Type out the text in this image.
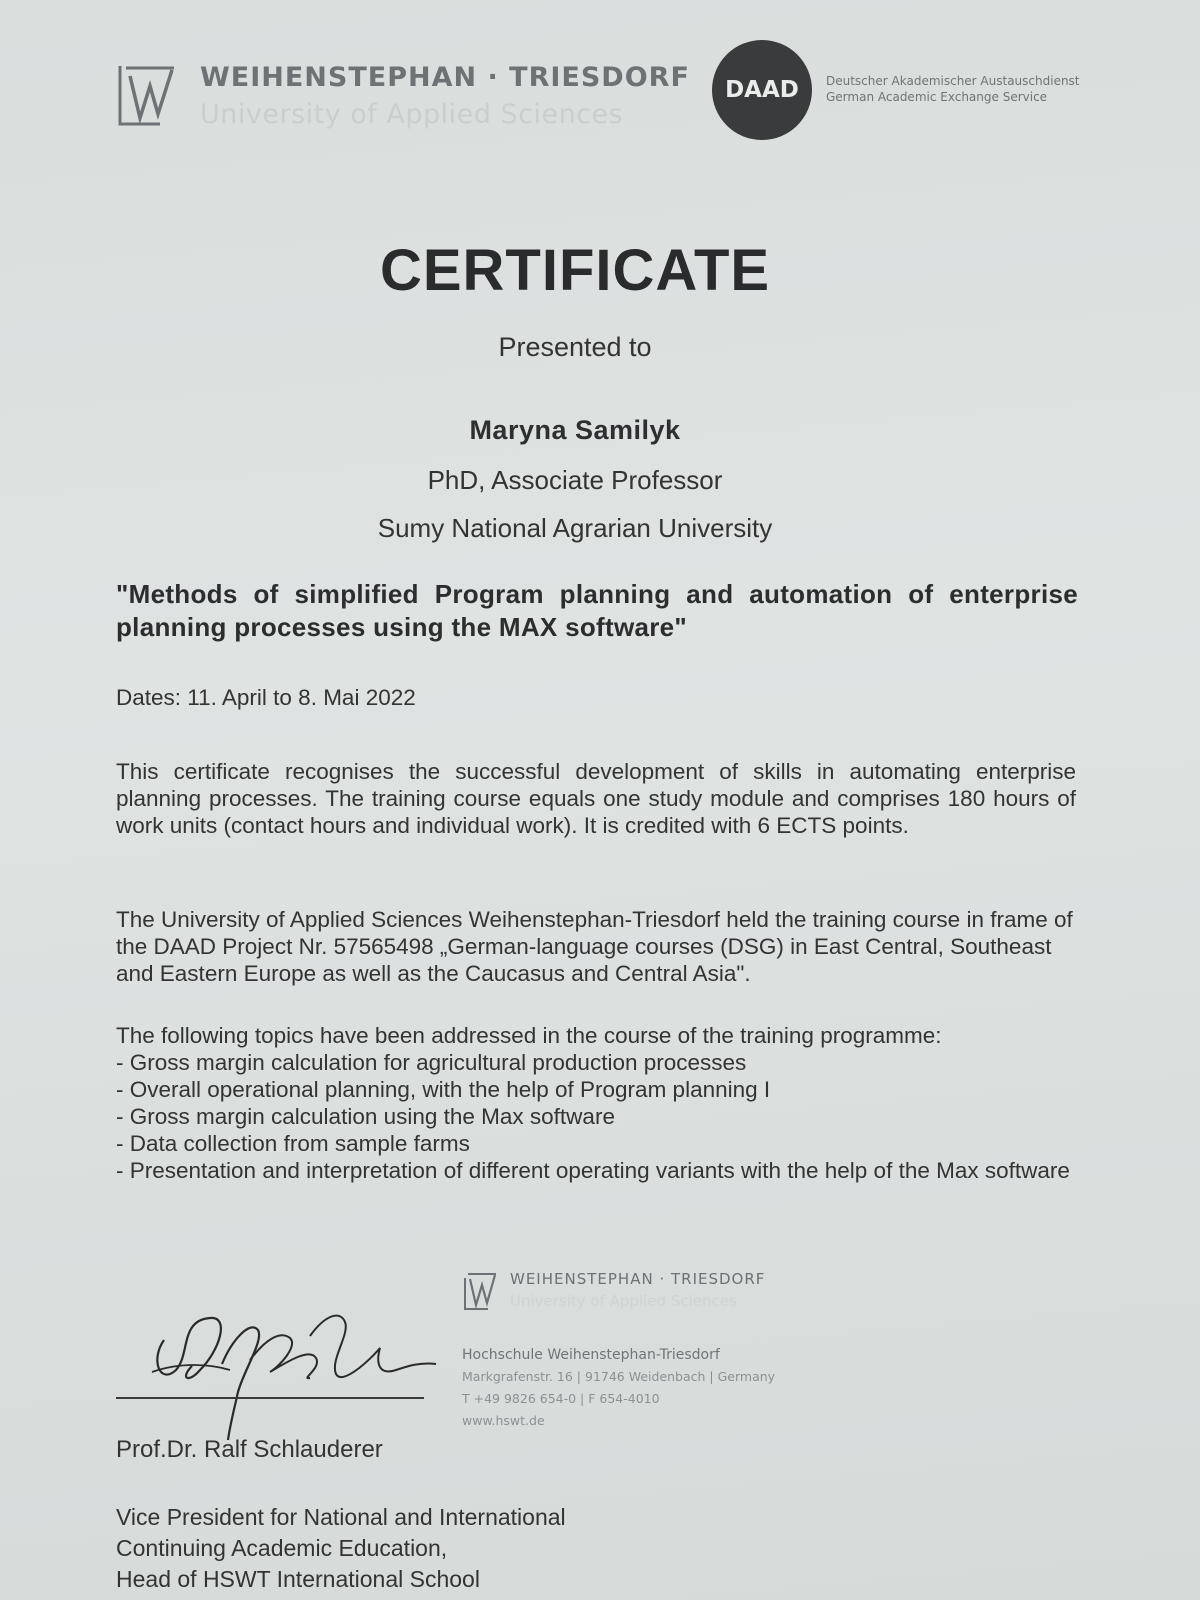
WEIHENSTEPHAN · TRIESDORF
University of Applied Sciences
DAAD	Deutscher Akademischer Austauschdienst
German Academic Exchange Service
CERTIFICATE
Presented to
Maryna Samilyk
PhD, Associate Professor
Sumy National Agrarian University
"Methods of simplified Program planning and automation of enterprise planning processes using the MAX software"
Dates: 11. April to 8. Mai 2022
This certificate recognises the successful development of skills in automating enterprise planning processes. The training course equals one study module and comprises 180 hours of work units (contact hours and individual work). It is credited with 6 ECTS points.
The University of Applied Sciences Weihenstephan-Triesdorf held the training course in frame of the DAAD Project Nr. 57565498 „German-language courses (DSG) in East Central, Southeast and Eastern Europe as well as the Caucasus and Central Asia".
The following topics have been addressed in the course of the training programme:
- Gross margin calculation for agricultural production processes
- Overall operational planning, with the help of Program planning I
- Gross margin calculation using the Max software
- Data collection from sample farms
- Presentation and interpretation of different operating variants with the help of the Max software
Prof.Dr. Ralf Schlauderer
WEIHENSTEPHAN · TRIESDORF
University of Applied Sciences
Hochschule Weihenstephan-Triesdorf
Markgrafenstr. 16 | 91746 Weidenbach | Germany
T +49 9826 654-0 | F 654-4010
www.hswt.de
Vice President for National and International
Continuing Academic Education,
Head of HSWT International School
